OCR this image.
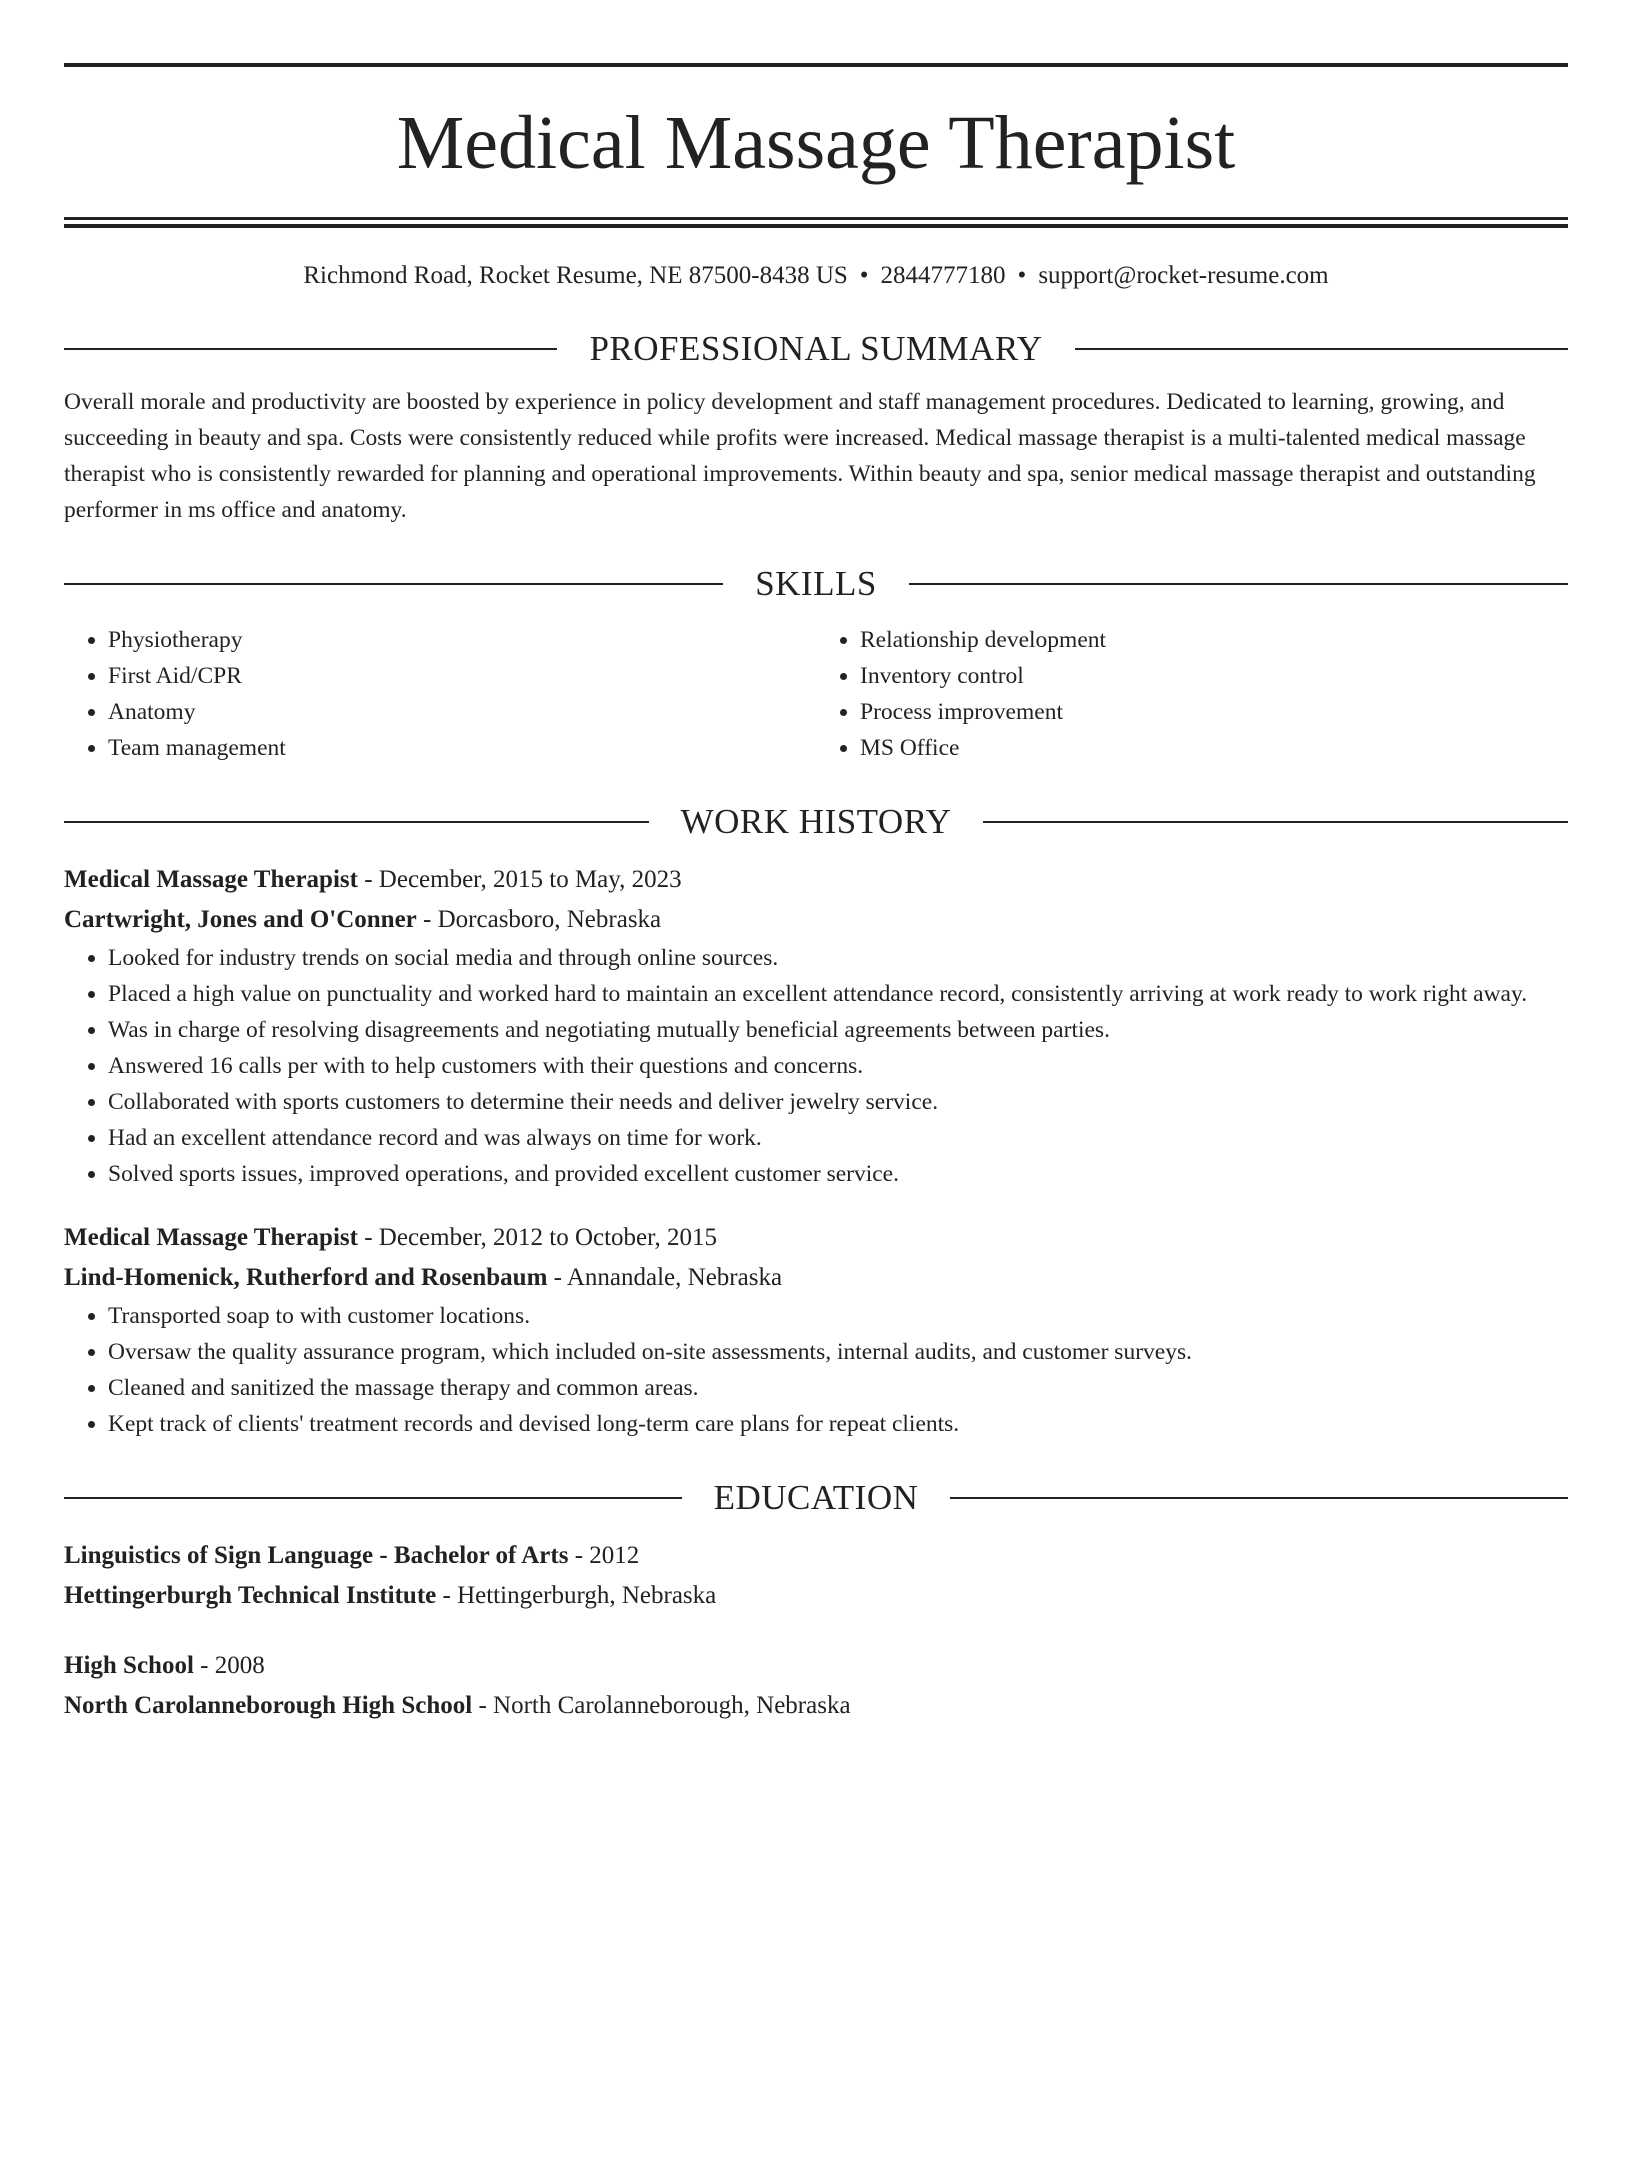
Medical Massage Therapist
Richmond Road, Rocket Resume, NE 87500-8438 US • 2844777180 • support@rocket-resume.com
PROFESSIONAL SUMMARY
Overall morale and productivity are boosted by experience in policy development and staff management procedures. Dedicated to learning, growing, and succeeding in beauty and spa. Costs were consistently reduced while profits were increased. Medical massage therapist is a multi-talented medical massage therapist who is consistently rewarded for planning and operational improvements. Within beauty and spa, senior medical massage therapist and outstanding performer in ms office and anatomy.
SKILLS
• Physiotherapy
• First Aid/CPR
• Anatomy
• Team management
• Relationship development
• Inventory control
• Process improvement
• MS Office
WORK HISTORY
Medical Massage Therapist - December, 2015 to May, 2023
Cartwright, Jones and O'Conner - Dorcasboro, Nebraska
• Looked for industry trends on social media and through online sources.
• Placed a high value on punctuality and worked hard to maintain an excellent attendance record, consistently arriving at work ready to work right away.
• Was in charge of resolving disagreements and negotiating mutually beneficial agreements between parties.
• Answered 16 calls per with to help customers with their questions and concerns.
• Collaborated with sports customers to determine their needs and deliver jewelry service.
• Had an excellent attendance record and was always on time for work.
• Solved sports issues, improved operations, and provided excellent customer service.
Medical Massage Therapist - December, 2012 to October, 2015
Lind-Homenick, Rutherford and Rosenbaum - Annandale, Nebraska
• Transported soap to with customer locations.
• Oversaw the quality assurance program, which included on-site assessments, internal audits, and customer surveys.
• Cleaned and sanitized the massage therapy and common areas.
• Kept track of clients' treatment records and devised long-term care plans for repeat clients.
EDUCATION
Linguistics of Sign Language - Bachelor of Arts - 2012
Hettingerburgh Technical Institute - Hettingerburgh, Nebraska
High School - 2008
North Carolanneborough High School - North Carolanneborough, Nebraska
